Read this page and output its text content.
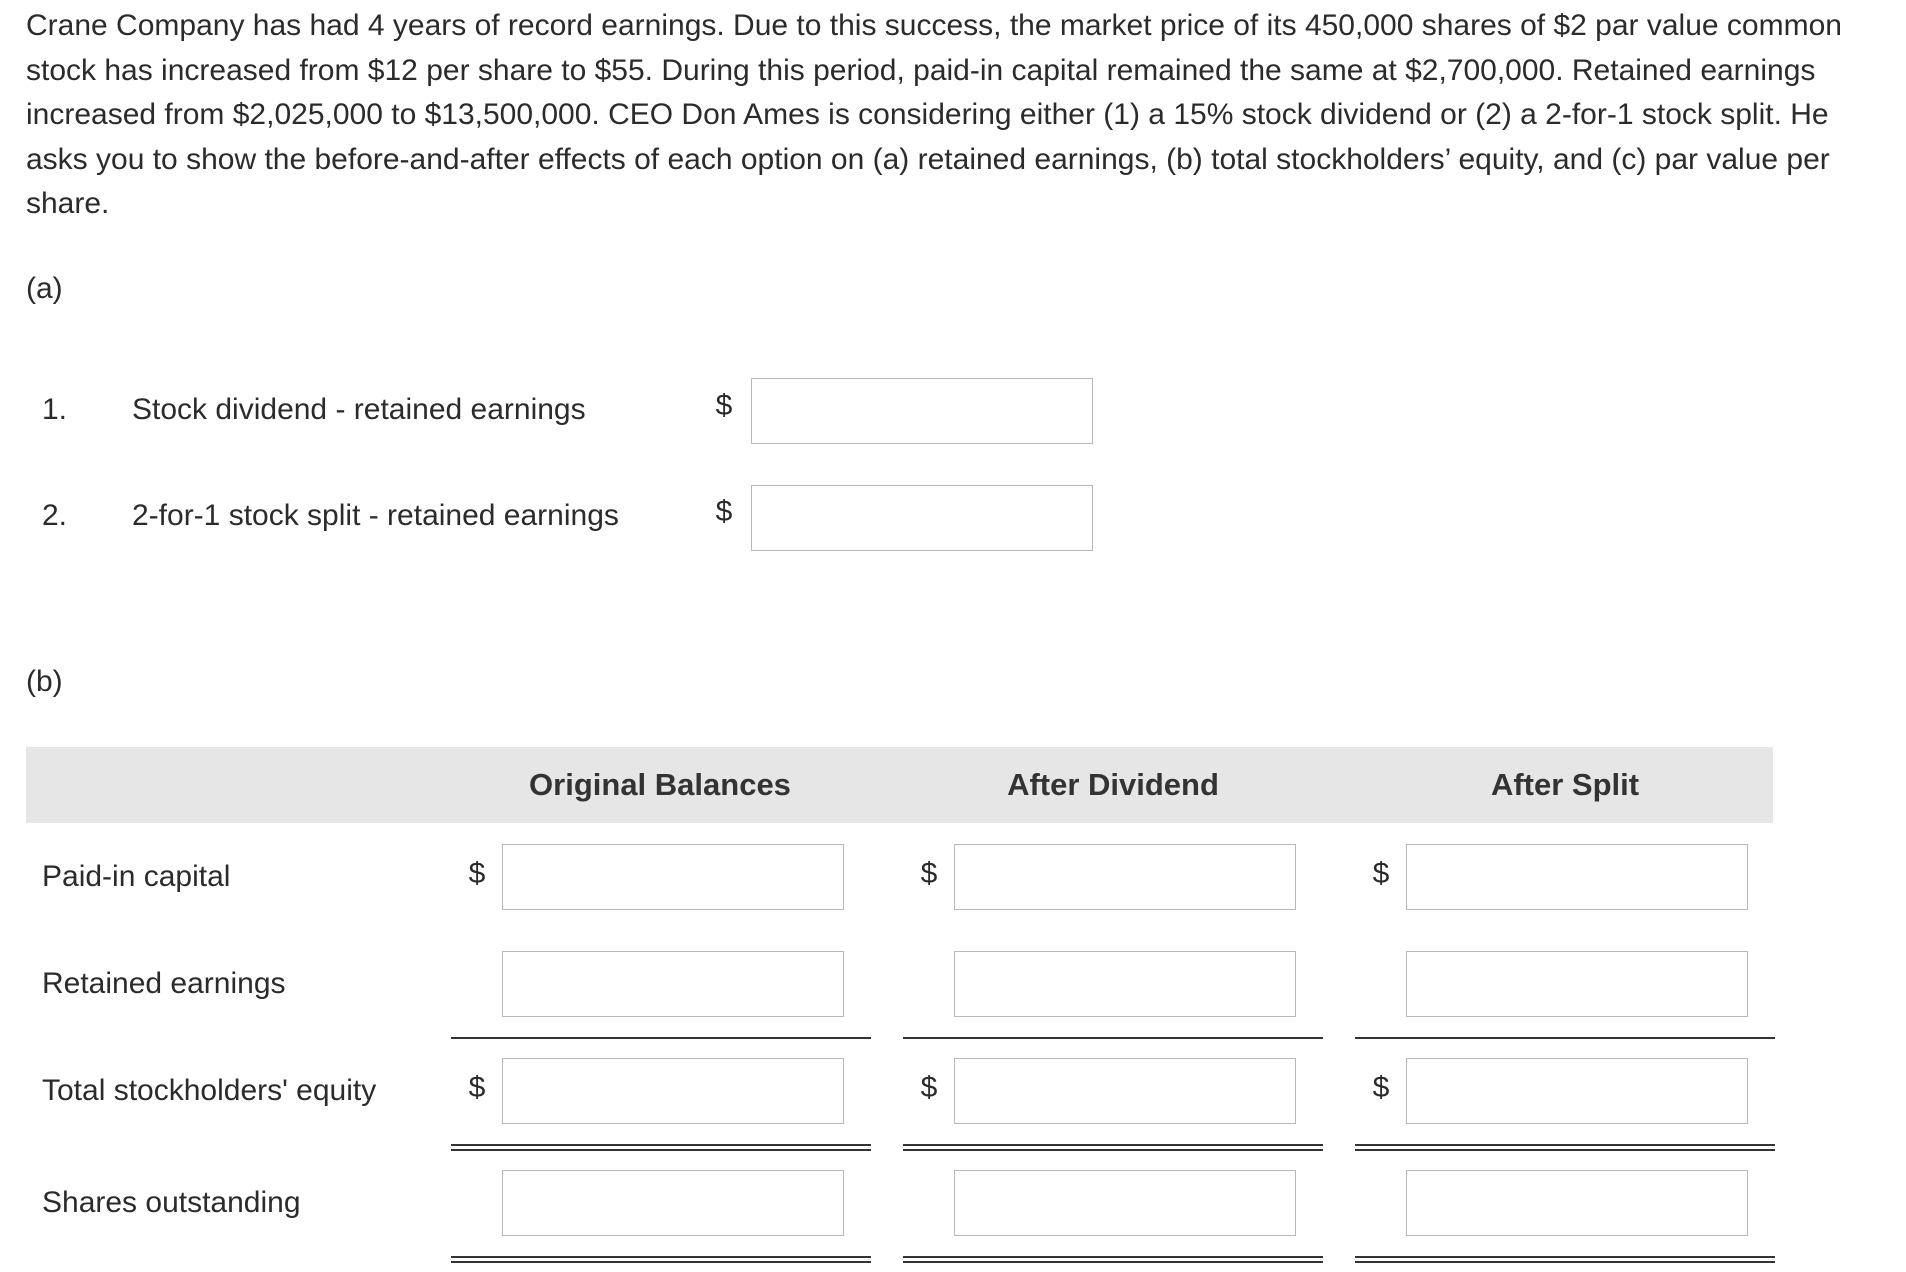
Crane Company has had 4 years of record earnings. Due to this success, the market price of its 450,000 shares of $2 par value common stock has increased from $12 per share to $55. During this period, paid-in capital remained the same at $2,700,000. Retained earnings increased from $2,025,000 to $13,500,000. CEO Don Ames is considering either (1) a 15% stock dividend or (2) a 2-for-1 stock split. He asks you to show the before-and-after effects of each option on (a) retained earnings, (b) total stockholders’ equity, and (c) par value per share.
(a)
1. Stock dividend - retained earnings	$
2. 2-for-1 stock split - retained earnings	$
(b)
Original Balances	After Dividend	After Split
Paid-in capital	$	$	$
Retained earnings
Total stockholders' equity	$	$	$
Shares outstanding
